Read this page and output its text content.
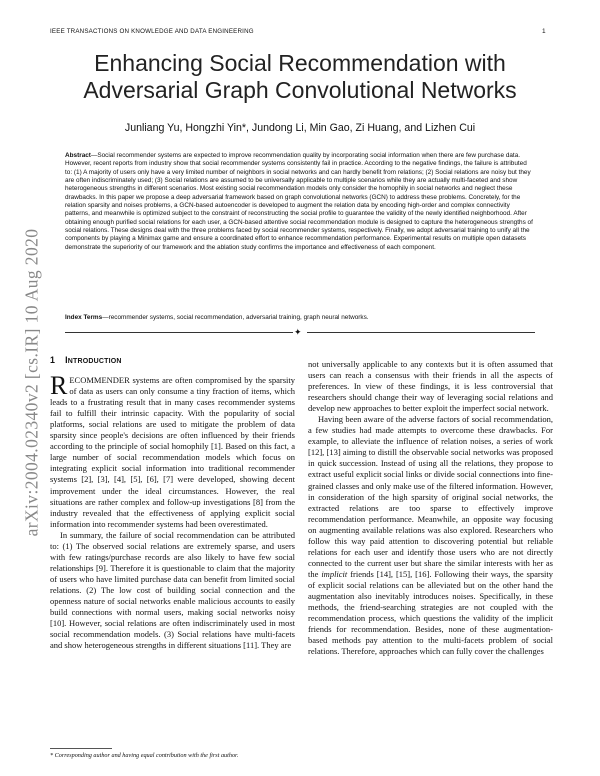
IEEE TRANSACTIONS ON KNOWLEDGE AND DATA ENGINEERING	1
Enhancing Social Recommendation with Adversarial Graph Convolutional Networks
Junliang Yu, Hongzhi Yin*, Jundong Li, Min Gao, Zi Huang, and Lizhen Cui
Abstract—Social recommender systems are expected to improve recommendation quality by incorporating social information when there are few purchase data. However, recent reports from industry show that social recommender systems consistently fail in practice. According to the negative findings, the failure is attributed to: (1) A majority of users only have a very limited number of neighbors in social networks and can hardly benefit from relations; (2) Social relations are noisy but they are often indiscriminately used; (3) Social relations are assumed to be universally applicable to multiple scenarios while they are actually multi-faceted and show heterogeneous strengths in different scenarios. Most existing social recommendation models only consider the homophily in social networks and neglect these drawbacks. In this paper we propose a deep adversarial framework based on graph convolutional networks (GCN) to address these problems. Concretely, for the relation sparsity and noises problems, a GCN-based autoencoder is developed to augment the relation data by encoding high-order and complex connectivity patterns, and meanwhile is optimized subject to the constraint of reconstructing the social profile to guarantee the validity of the newly identified neighborhood. After obtaining enough purified social relations for each user, a GCN-based attentive social recommendation module is designed to capture the heterogeneous strengths of social relations. These designs deal with the three problems faced by social recommender systems, respectively. Finally, we adopt adversarial training to unify all the components by playing a Minimax game and ensure a coordinated effort to enhance recommendation performance. Experimental results on multiple open datasets demonstrate the superiority of our framework and the ablation study confirms the importance and effectiveness of each component.
Index Terms—recommender systems, social recommendation, adversarial training, graph neural networks.
✦
arXiv:2004.02340v2 [cs.IR] 10 Aug 2020 1 INTRODUCTION

RECOMMENDER systems are often compromised by the sparsity of data as users can only consume a tiny fraction of items, which leads to a frustrating result that in many cases recommender systems fail to fulfill their intrinsic capacity. With the popularity of social platforms, social relations are used to mitigate the problem of data sparsity since people's decisions are often influenced by their friends according to the principle of social homophily [1]. Based on this fact, a large number of social recommendation models which focus on integrating explicit social information into traditional recommender systems [2], [3], [4], [5], [6], [7] were developed, showing decent improvement under the ideal circumstances. However, the real situations are rather complex and follow-up investigations [8] from the industry revealed that the effectiveness of applying explicit social information into recommender systems had been overestimated.

In summary, the failure of social recommendation can be attributed to: (1) The observed social relations are extremely sparse, and users with few ratings/purchase records are also likely to have few social relationships [9]. Therefore it is questionable to claim that the majority of users who have limited purchase data can benefit from limited social relations. (2) The low cost of building social connection and the openness nature of social networks enable malicious accounts to easily build connections with normal users, making social networks noisy [10]. However, social relations are often indiscriminately used in most social recommendation models. (3) Social relations have multi-facets and show heterogeneous strengths in different situations [11]. They are

not universally applicable to any contexts but it is often assumed that users can reach a consensus with their friends in all the aspects of preferences. In view of these findings, it is less controversial that researchers should change their way of leveraging social relations and develop new approaches to better exploit the imperfect social network.

Having been aware of the adverse factors of social recommendation, a few studies had made attempts to overcome these drawbacks. For example, to alleviate the influence of relation noises, a series of work [12], [13] aiming to distill the observable social networks was proposed in quick succession. Instead of using all the relations, they propose to extract useful explicit social links or divide social connections into fine-grained classes and only make use of the filtered information. However, in consideration of the high sparsity of original social networks, the extracted relations are too sparse to effectively improve recommendation performance. Meanwhile, an opposite way focusing on augmenting available relations was also explored. Researchers who follow this way paid attention to discovering potential but reliable relations for each user and identify those users who are not directly connected to the current user but share the similar interests with her as the implicit friends [14], [15], [16]. Following their ways, the sparsity of explicit social relations can be alleviated but on the other hand the augmentation also inevitably introduces noises. Specifically, in these methods, the friend-searching strategies are not coupled with the recommendation process, which questions the validity of the implicit friends for recommendation. Besides, none of these augmentation-based methods pay attention to the multi-facets problem of social relations. Therefore, approaches which can fully cover the challenges

* Corresponding author and having equal contribution with the first author.
